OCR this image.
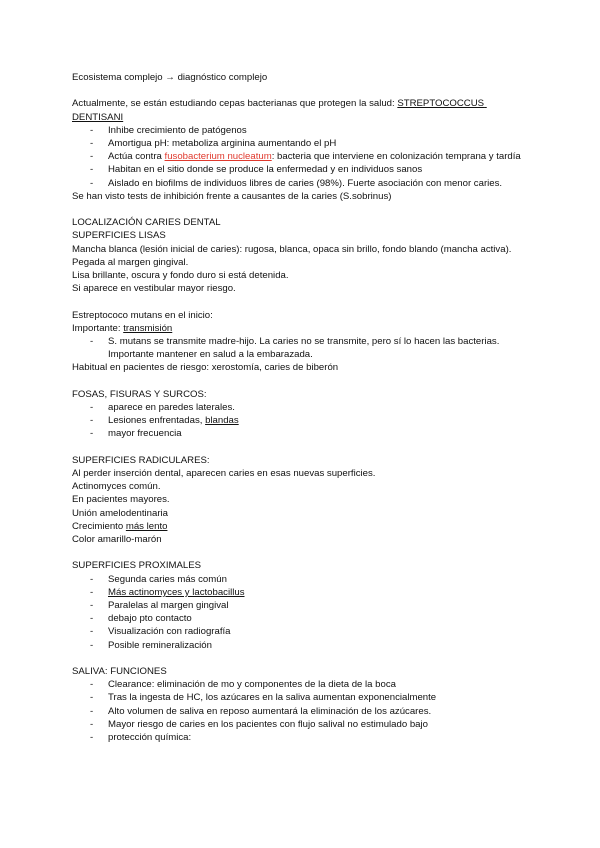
Ecosistema complejo → diagnóstico complejo

Actualmente, se están estudiando cepas bacterianas que protegen la salud: STREPTOCOCCUS DENTISANI

- Inhibe crecimiento de patógenos
- Amortigua pH: metaboliza arginina aumentando el pH
- Actúa contra fusobacterium nucleatum: bacteria que interviene en colonización temprana y tardía
- Habitan en el sitio donde se produce la enfermedad y en individuos sanos
- Aislado en biofilms de individuos libres de caries (98%). Fuerte asociación con menor caries.

Se han visto tests de inhibición frente a causantes de la caries (S.sobrinus)

LOCALIZACIÓN CARIES DENTAL

SUPERFICIES LISAS

Mancha blanca (lesión inicial de caries): rugosa, blanca, opaca sin brillo, fondo blando (mancha activa). Pegada al margen gingival.

Lisa brillante, oscura y fondo duro si está detenida.

Si aparece en vestibular mayor riesgo.

Estreptococo mutans en el inicio:

Importante: transmisión

- S. mutans se transmite madre-hijo. La caries no se transmite, pero sí lo hacen las bacterias.
Importante mantener en salud a la embarazada.

Habitual en pacientes de riesgo: xerostomía, caries de biberón

FOSAS, FISURAS Y SURCOS:

- aparece en paredes laterales.
- Lesiones enfrentadas, blandas
- mayor frecuencia

SUPERFICIES RADICULARES:

Al perder inserción dental, aparecen caries en esas nuevas superficies.

Actinomyces común.

En pacientes mayores.

Unión amelodentinaria

Crecimiento más lento

Color amarillo-marón

SUPERFICIES PROXIMALES

- Segunda caries más común
- Más actinomyces y lactobacillus
- Paralelas al margen gingival
- debajo pto contacto
- Visualización con radiografía
- Posible remineralización

SALIVA: FUNCIONES

- Clearance: eliminación de mo y componentes de la dieta de la boca
- Tras la ingesta de HC, los azúcares en la saliva aumentan exponencialmente
- Alto volumen de saliva en reposo aumentará la eliminación de los azúcares.
- Mayor riesgo de caries en los pacientes con flujo salival no estimulado bajo
- protección química:
